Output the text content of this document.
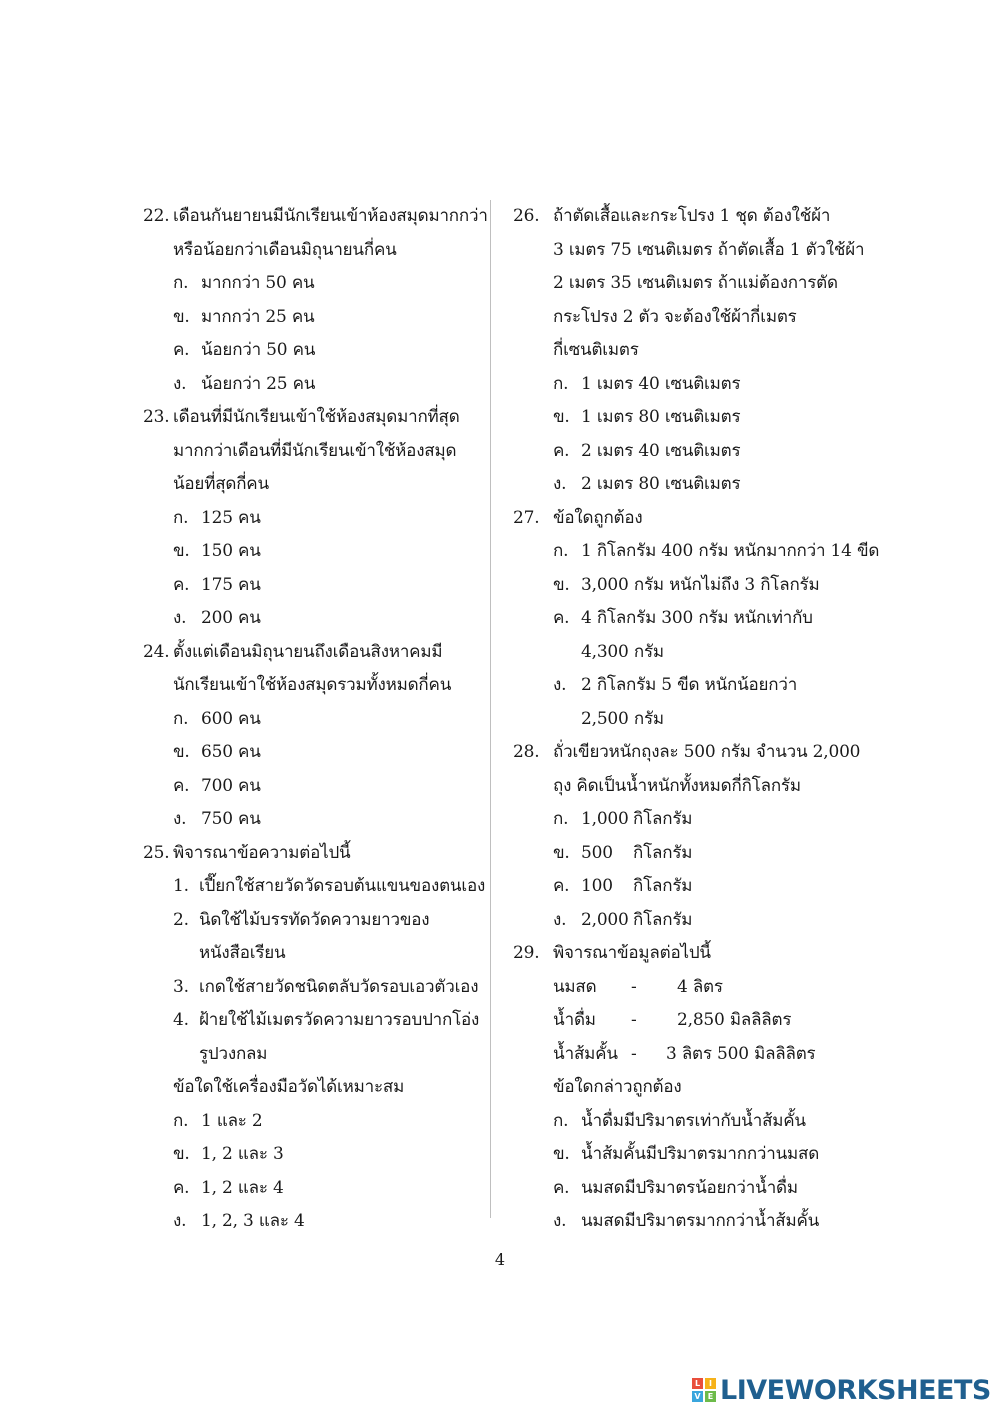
22. เดือนกันยายนมีนักเรียนเข้าห้องสมุดมากกว่า
หรือน้อยกว่าเดือนมิถุนายนกี่คน
ก. มากกว่า 50 คน
ข. มากกว่า 25 คน
ค. น้อยกว่า 50 คน
ง. น้อยกว่า 25 คน
23. เดือนที่มีนักเรียนเข้าใช้ห้องสมุดมากที่สุด
มากกว่าเดือนที่มีนักเรียนเข้าใช้ห้องสมุด
น้อยที่สุดกี่คน
ก. 125 คน
ข. 150 คน
ค. 175 คน
ง. 200 คน
24. ตั้งแต่เดือนมิถุนายนถึงเดือนสิงหาคมมี
นักเรียนเข้าใช้ห้องสมุดรวมทั้งหมดกี่คน
ก. 600 คน
ข. 650 คน
ค. 700 คน
ง. 750 คน
25. พิจารณาข้อความต่อไปนี้
1. เปี๊ยกใช้สายวัดวัดรอบต้นแขนของตนเอง
2. นิดใช้ไม้บรรทัดวัดความยาวของ
หนังสือเรียน
3. เกดใช้สายวัดชนิดตลับวัดรอบเอวตัวเอง
4. ฝ้ายใช้ไม้เมตรวัดความยาวรอบปากโอ่ง
รูปวงกลม
ข้อใดใช้เครื่องมือวัดได้เหมาะสม
ก. 1 และ 2
ข. 1, 2 และ 3
ค. 1, 2 และ 4
ง. 1, 2, 3 และ 4
26. ถ้าตัดเสื้อและกระโปรง 1 ชุด ต้องใช้ผ้า
3 เมตร 75 เซนติเมตร ถ้าตัดเสื้อ 1 ตัวใช้ผ้า
2 เมตร 35 เซนติเมตร ถ้าแม่ต้องการตัด
กระโปรง 2 ตัว จะต้องใช้ผ้ากี่เมตร
กี่เซนติเมตร
ก. 1 เมตร 40 เซนติเมตร
ข. 1 เมตร 80 เซนติเมตร
ค. 2 เมตร 40 เซนติเมตร
ง. 2 เมตร 80 เซนติเมตร
27. ข้อใดถูกต้อง
ก. 1 กิโลกรัม 400 กรัม หนักมากกว่า 14 ขีด
ข. 3,000 กรัม หนักไม่ถึง 3 กิโลกรัม
ค. 4 กิโลกรัม 300 กรัม หนักเท่ากับ
4,300 กรัม
ง. 2 กิโลกรัม 5 ขีด หนักน้อยกว่า
2,500 กรัม
28. ถั่วเขียวหนักถุงละ 500 กรัม จำนวน 2,000
ถุง คิดเป็นน้ำหนักทั้งหมดกี่กิโลกรัม
ก. 1,000 กิโลกรัม
ข. 500 กิโลกรัม
ค. 100 กิโลกรัม
ง. 2,000 กิโลกรัม
29. พิจารณาข้อมูลต่อไปนี้
นมสด - 4 ลิตร
น้ำดื่ม - 2,850 มิลลิลิตร
น้ำส้มคั้น - 3 ลิตร 500 มิลลิลิตร
ข้อใดกล่าวถูกต้อง
ก. น้ำดื่มมีปริมาตรเท่ากับน้ำส้มคั้น
ข. น้ำส้มคั้นมีปริมาตรมากกว่านมสด
ค. นมสดมีปริมาตรน้อยกว่าน้ำดื่ม
ง. นมสดมีปริมาตรมากกว่าน้ำส้มคั้น
4
L	I
V E LIVEWORKSHEETS
